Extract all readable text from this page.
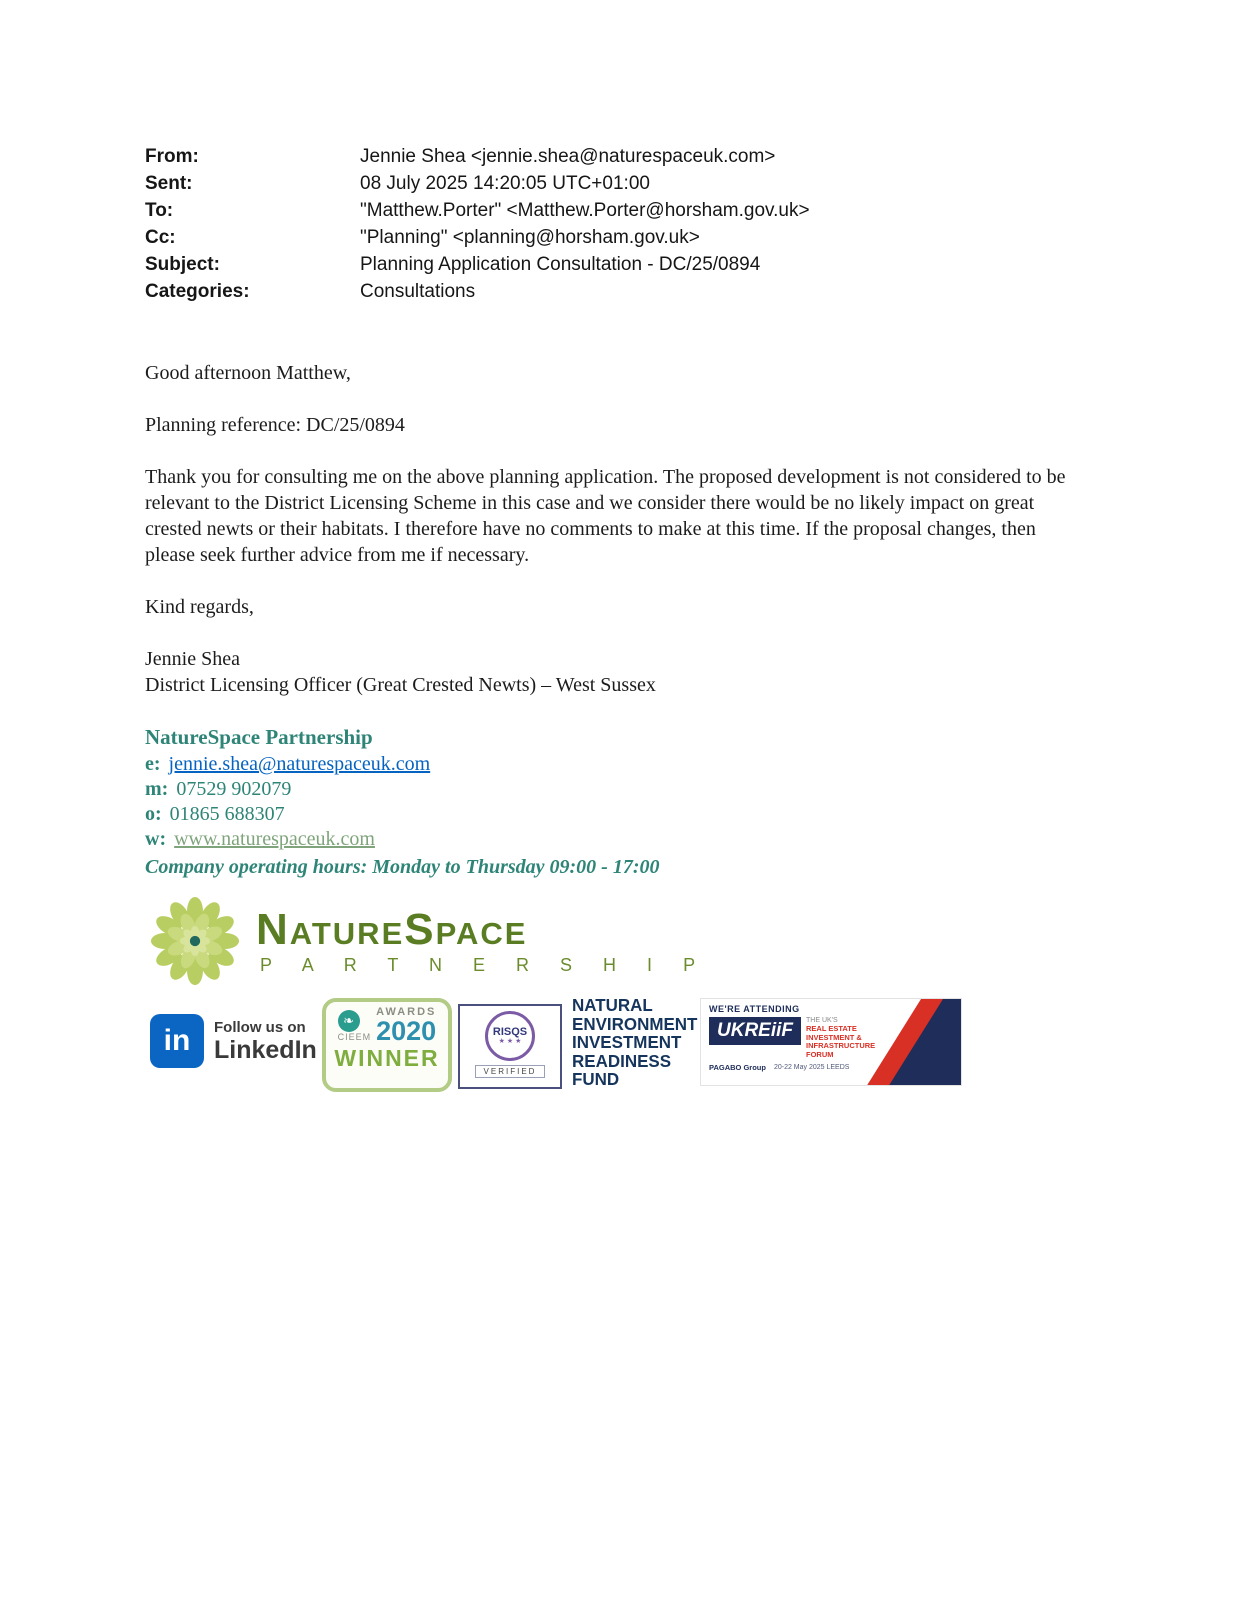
From:	Jennie Shea <jennie.shea@naturespaceuk.com>
Sent:	08 July 2025 14:20:05 UTC+01:00
To:	"Matthew.Porter" <Matthew.Porter@horsham.gov.uk>
Cc:	"Planning" <planning@horsham.gov.uk>
Subject:	Planning Application Consultation - DC/25/0894
Categories:	Consultations

Good afternoon Matthew,

Planning reference: DC/25/0894

Thank you for consulting me on the above planning application. The proposed development is not considered to be relevant to the District Licensing Scheme in this case and we consider there would be no likely impact on great crested newts or their habitats. I therefore have no comments to make at this time. If the proposal changes, then please seek further advice from me if necessary.

Kind regards,

Jennie Shea
District Licensing Officer (Great Crested Newts) – West Sussex
NatureSpace Partnership
e: jennie.shea@naturespaceuk.com
m: 07529 902079
o: 01865 688307
w: www.naturespaceuk.com
Company operating hours: Monday to Thursday 09:00 - 17:00
NatureSpace
P A R T N E R S H I P
in	Follow us on
LinkedIn
❧
CIEEM
AWARDS
2020
WINNER
RISQS
★ ★ ★
VERIFIED
NATURAL
ENVIRONMENT
INVESTMENT
READINESS
FUND
WE'RE ATTENDING
UKREiiF	THE UK'S
REAL ESTATE INVESTMENT & INFRASTRUCTURE FORUM
PAGABO Group 20-22 May 2025 LEEDS
